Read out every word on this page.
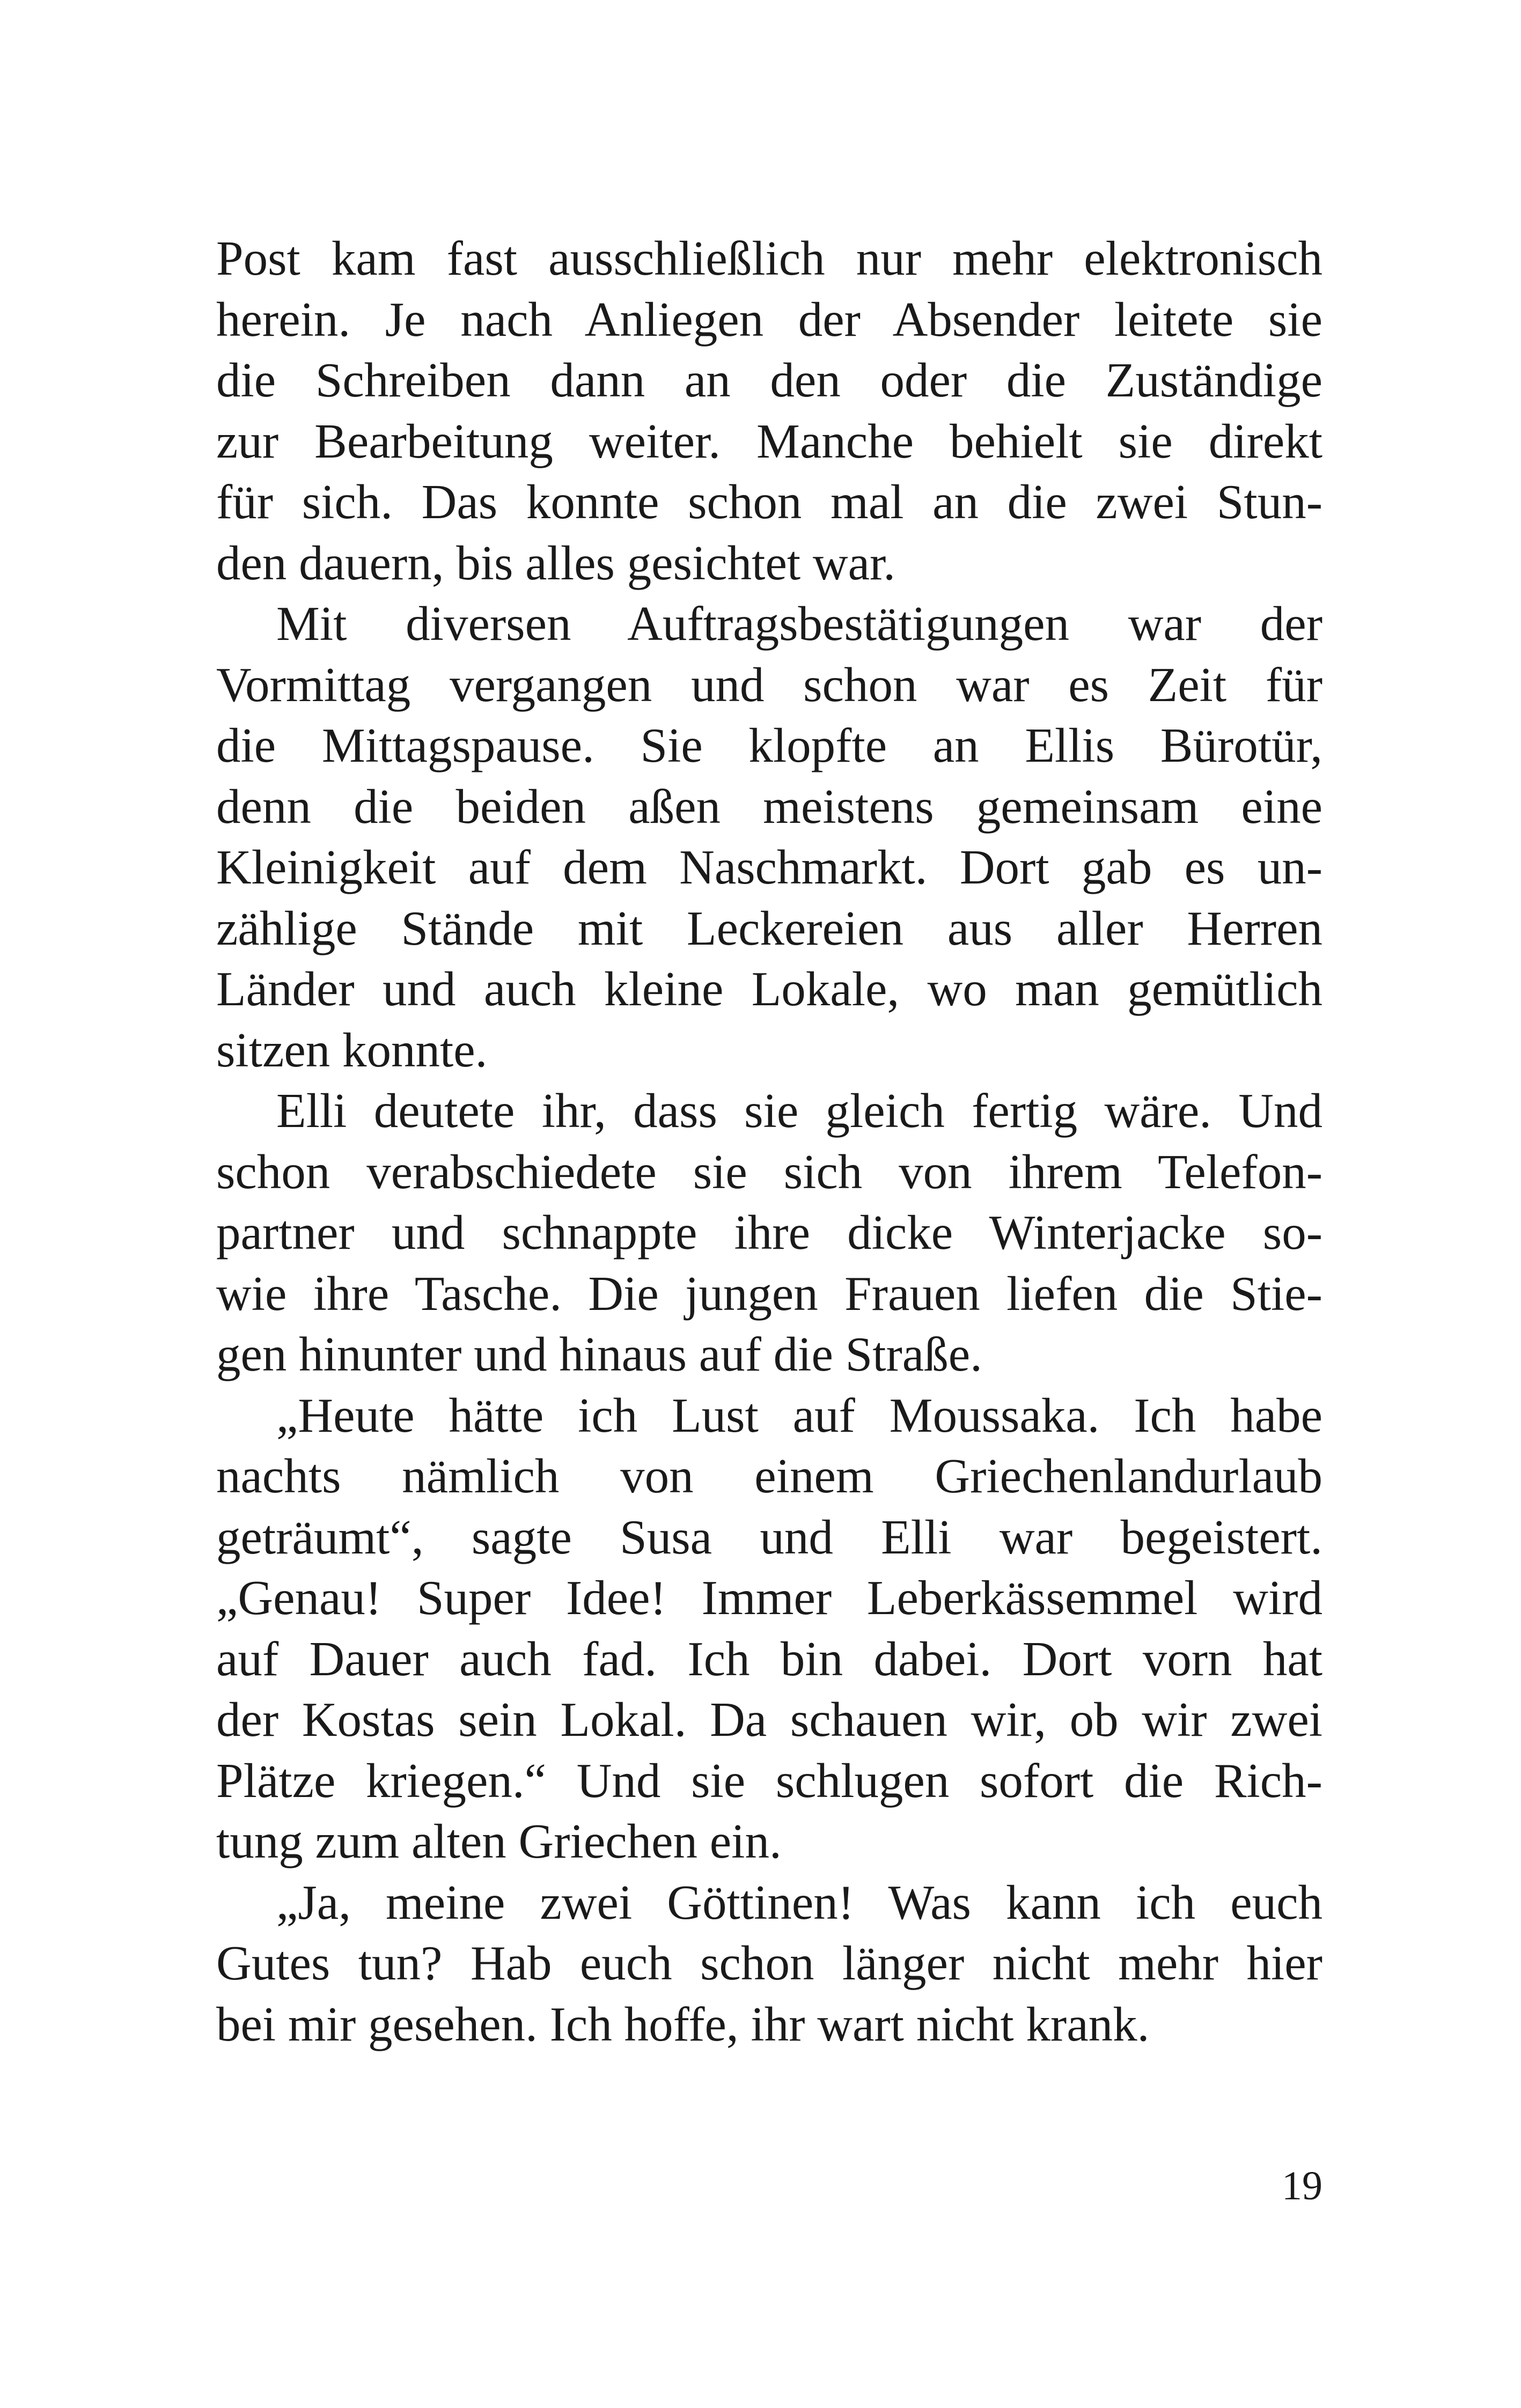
Post kam fast ausschließlich nur mehr elektronisch
herein. Je nach Anliegen der Absender leitete sie
die Schreiben dann an den oder die Zuständige
zur Bearbeitung weiter. Manche behielt sie direkt
für sich. Das konnte schon mal an die zwei Stun-
den dauern, bis alles gesichtet war.
Mit diversen Auftragsbestätigungen war der
Vormittag vergangen und schon war es Zeit für
die Mittagspause. Sie klopfte an Ellis Bürotür,
denn die beiden aßen meistens gemeinsam eine
Kleinigkeit auf dem Naschmarkt. Dort gab es un-
zählige Stände mit Leckereien aus aller Herren
Länder und auch kleine Lokale, wo man gemütlich
sitzen konnte.
Elli deutete ihr, dass sie gleich fertig wäre. Und
schon verabschiedete sie sich von ihrem Telefon-
partner und schnappte ihre dicke Winterjacke so-
wie ihre Tasche. Die jungen Frauen liefen die Stie-
gen hinunter und hinaus auf die Straße.
„Heute hätte ich Lust auf Moussaka. Ich habe
nachts nämlich von einem Griechenlandurlaub
geträumt“, sagte Susa und Elli war begeistert.
„Genau! Super Idee! Immer Leberkässemmel wird
auf Dauer auch fad. Ich bin dabei. Dort vorn hat
der Kostas sein Lokal. Da schauen wir, ob wir zwei
Plätze kriegen.“ Und sie schlugen sofort die Rich-
tung zum alten Griechen ein.
„Ja, meine zwei Göttinen! Was kann ich euch
Gutes tun? Hab euch schon länger nicht mehr hier
bei mir gesehen. Ich hoffe, ihr wart nicht krank.
19
